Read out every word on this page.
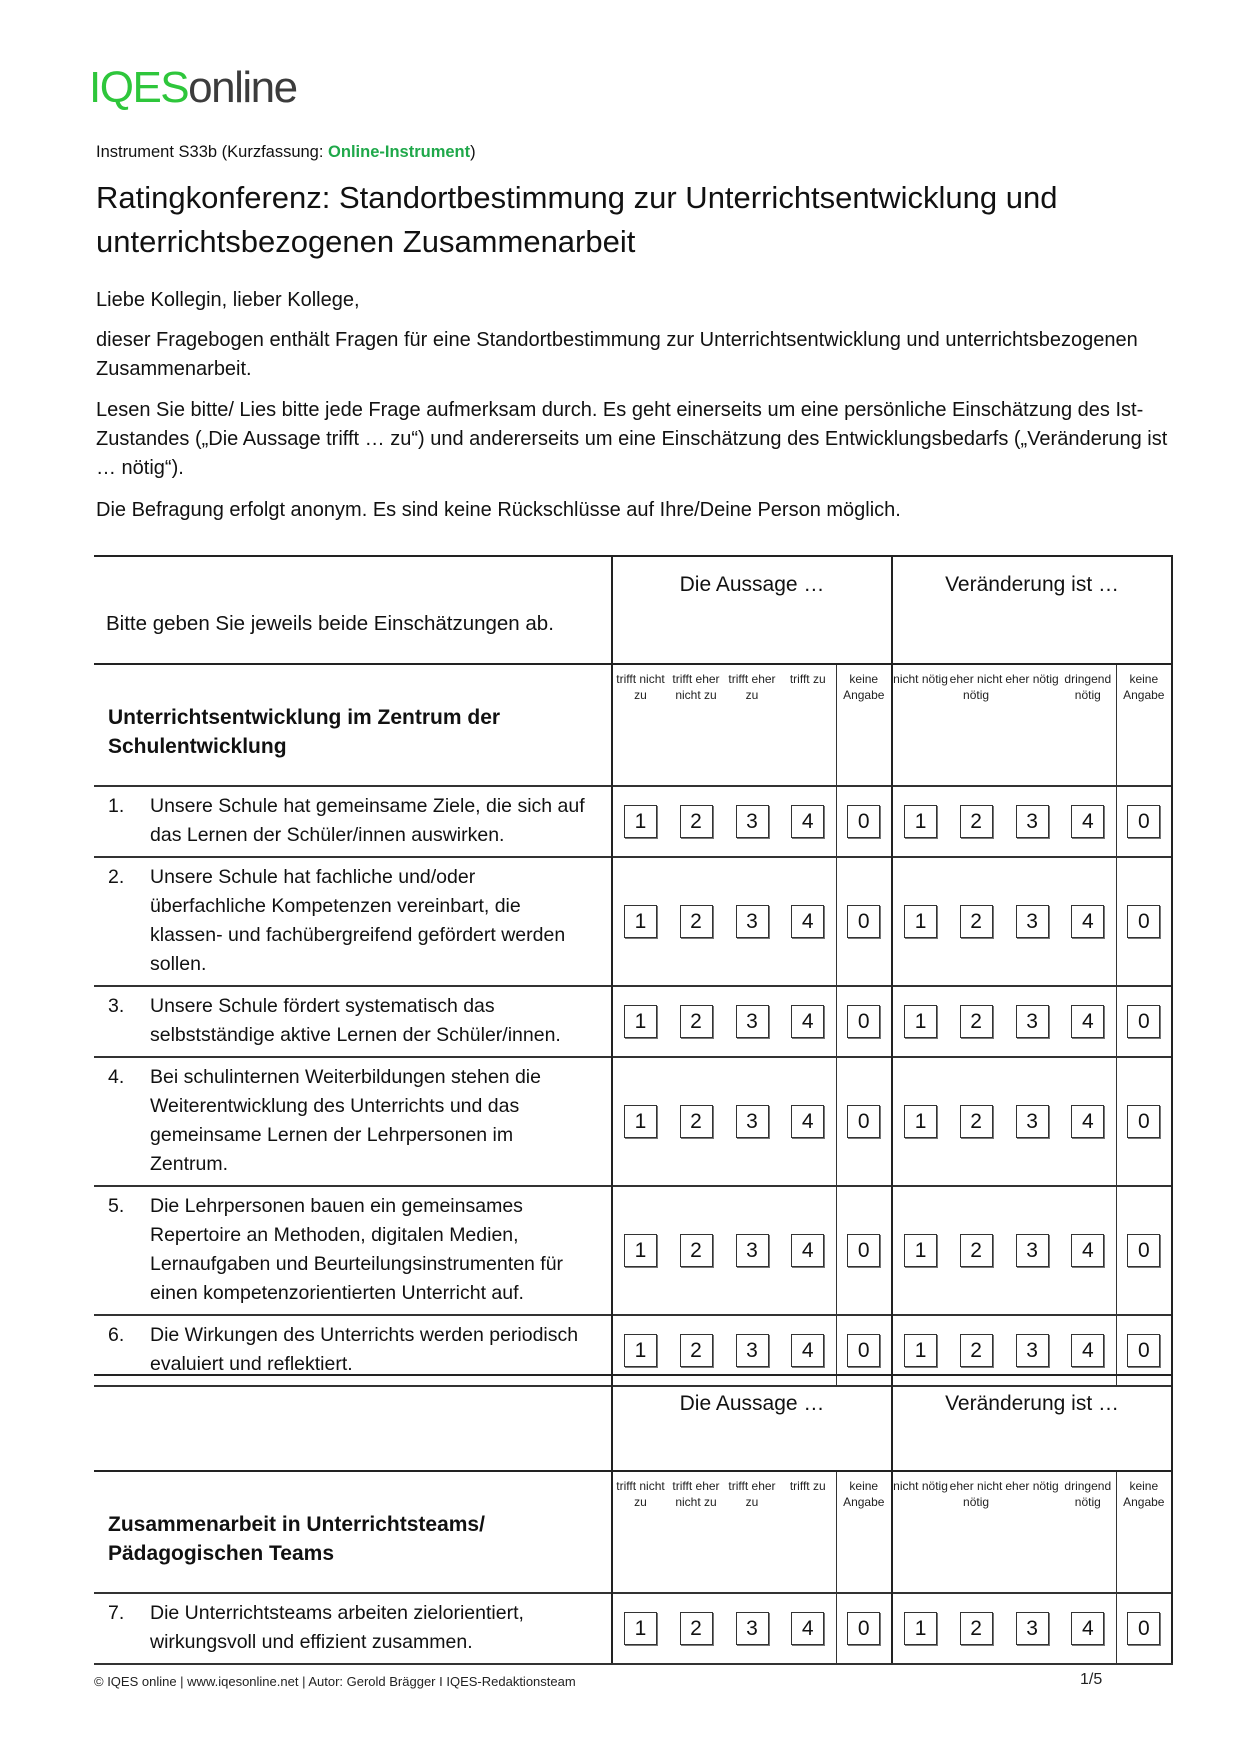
IQESonline
Instrument S33b (Kurzfassung: Online-Instrument)
Ratingkonferenz: Standortbestimmung zur Unterrichtsentwicklung und unterrichtsbezogenen Zusammenarbeit

Liebe Kollegin, lieber Kollege,

dieser Fragebogen enthält Fragen für eine Standortbestimmung zur Unterrichtsentwicklung und unterrichtsbezogenen Zusammenarbeit.

Lesen Sie bitte/ Lies bitte jede Frage aufmerksam durch. Es geht einerseits um eine persönliche Einschätzung des Ist-Zustandes („Die Aussage trifft … zu“) und andererseits um eine Einschätzung des Entwicklungsbedarfs („Veränderung ist … nötig“).

Die Befragung erfolgt anonym. Es sind keine Rückschlüsse auf Ihre/Deine Person möglich.

Bitte geben Sie jeweils beide Einschätzungen ab.	Die Aussage …					Veränderung ist …				
Unterrichtsentwicklung im Zentrum der Schulentwicklung	trifft nicht zu	trifft eher nicht zu	trifft eher zu	trifft zu	keine Angabe	nicht nötig	eher nicht nötig	eher nötig	dringend nötig	keine Angabe
1. Unsere Schule hat gemeinsame Ziele, die sich auf das Lernen der Schüler/innen auswirken.	1	2	3	4	0	1	2	3	4	0
2. Unsere Schule hat fachliche und/oder überfachliche Kompetenzen vereinbart, die klassen- und fachübergreifend gefördert werden sollen.	1	2	3	4	0	1	2	3	4	0
3. Unsere Schule fördert systematisch das selbstständige aktive Lernen der Schüler/innen.	1	2	3	4	0	1	2	3	4	0
4. Bei schulinternen Weiterbildungen stehen die Weiterentwicklung des Unterrichts und das gemeinsame Lernen der Lehrpersonen im Zentrum.	1	2	3	4	0	1	2	3	4	0
5. Die Lehrpersonen bauen ein gemeinsames Repertoire an Methoden, digitalen Medien, Lernaufgaben und Beurteilungsinstrumenten für einen kompetenzorientierten Unterricht auf.	1	2	3	4	0	1	2	3	4	0
6. Die Wirkungen des Unterrichts werden periodisch evaluiert und reflektiert.	1	2	3	4	0	1	2	3	4	0
	Die Aussage …					Veränderung ist …				
Zusammenarbeit in Unterrichtsteams/ Pädagogischen Teams	trifft nicht zu	trifft eher nicht zu	trifft eher zu	trifft zu	keine Angabe	nicht nötig	eher nicht nötig	eher nötig	dringend nötig	keine Angabe
7. Die Unterrichtsteams arbeiten zielorientiert, wirkungsvoll und effizient zusammen.	1	2	3	4	0	1	2	3	4	0
© IQES online | www.iqesonline.net | Autor: Gerold Brägger I IQES-Redaktionsteam	1/5
